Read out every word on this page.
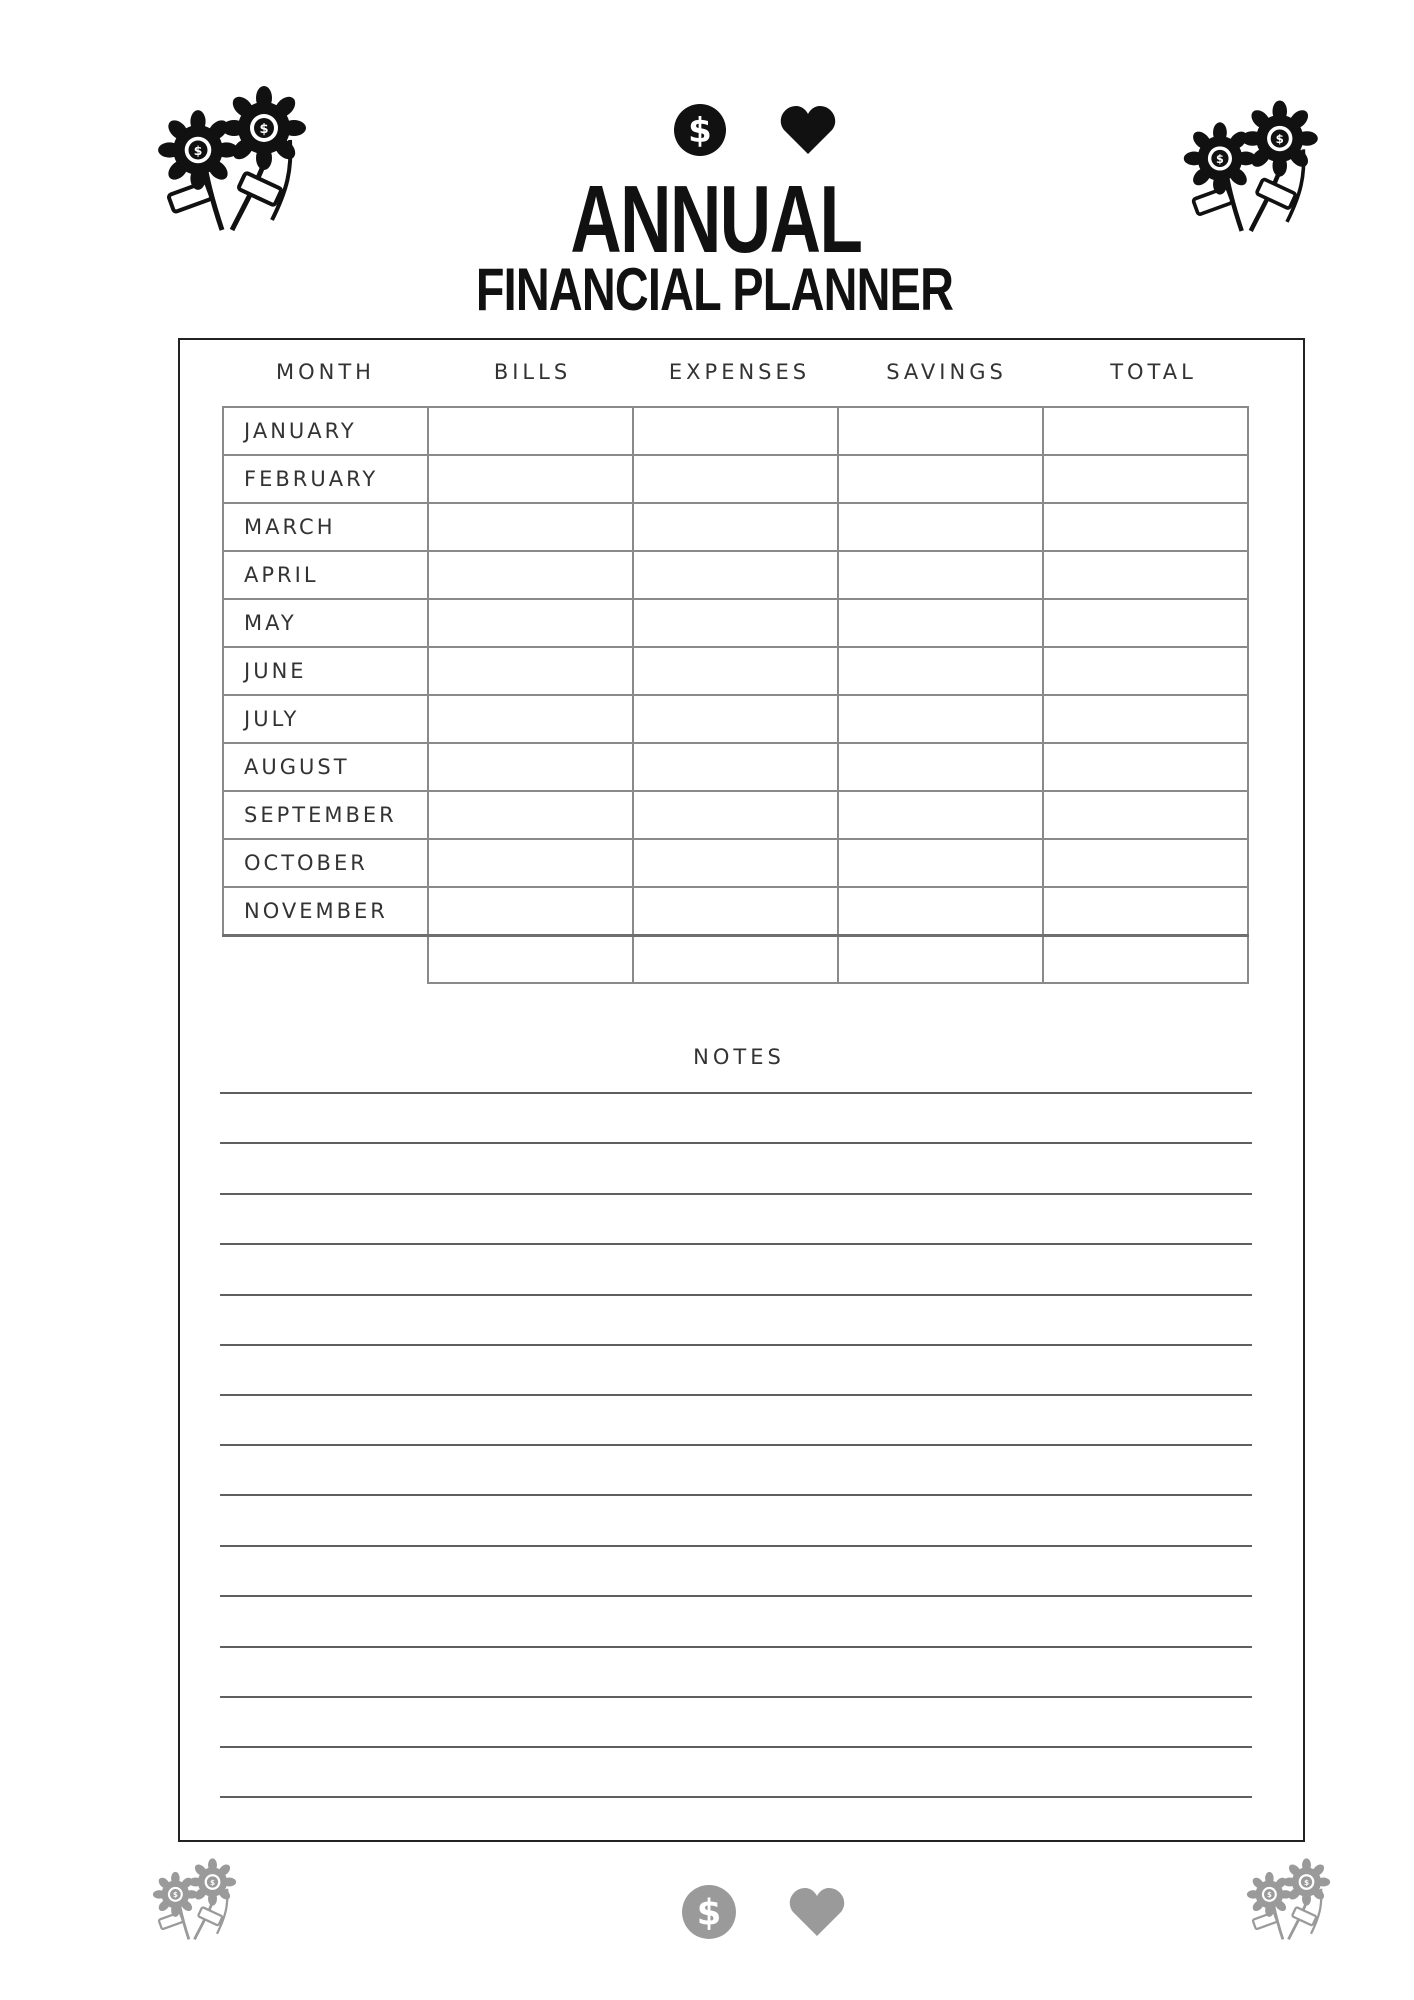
$
ANNUAL
FINANCIAL PLANNER
MONTH	BILLS	EXPENSES	SAVINGS	TOTAL
JANUARY				
FEBRUARY				
MARCH				
APRIL				
MAY				
JUNE				
JULY				
AUGUST				
SEPTEMBER				
OCTOBER				
NOVEMBER				

NOTES
$
